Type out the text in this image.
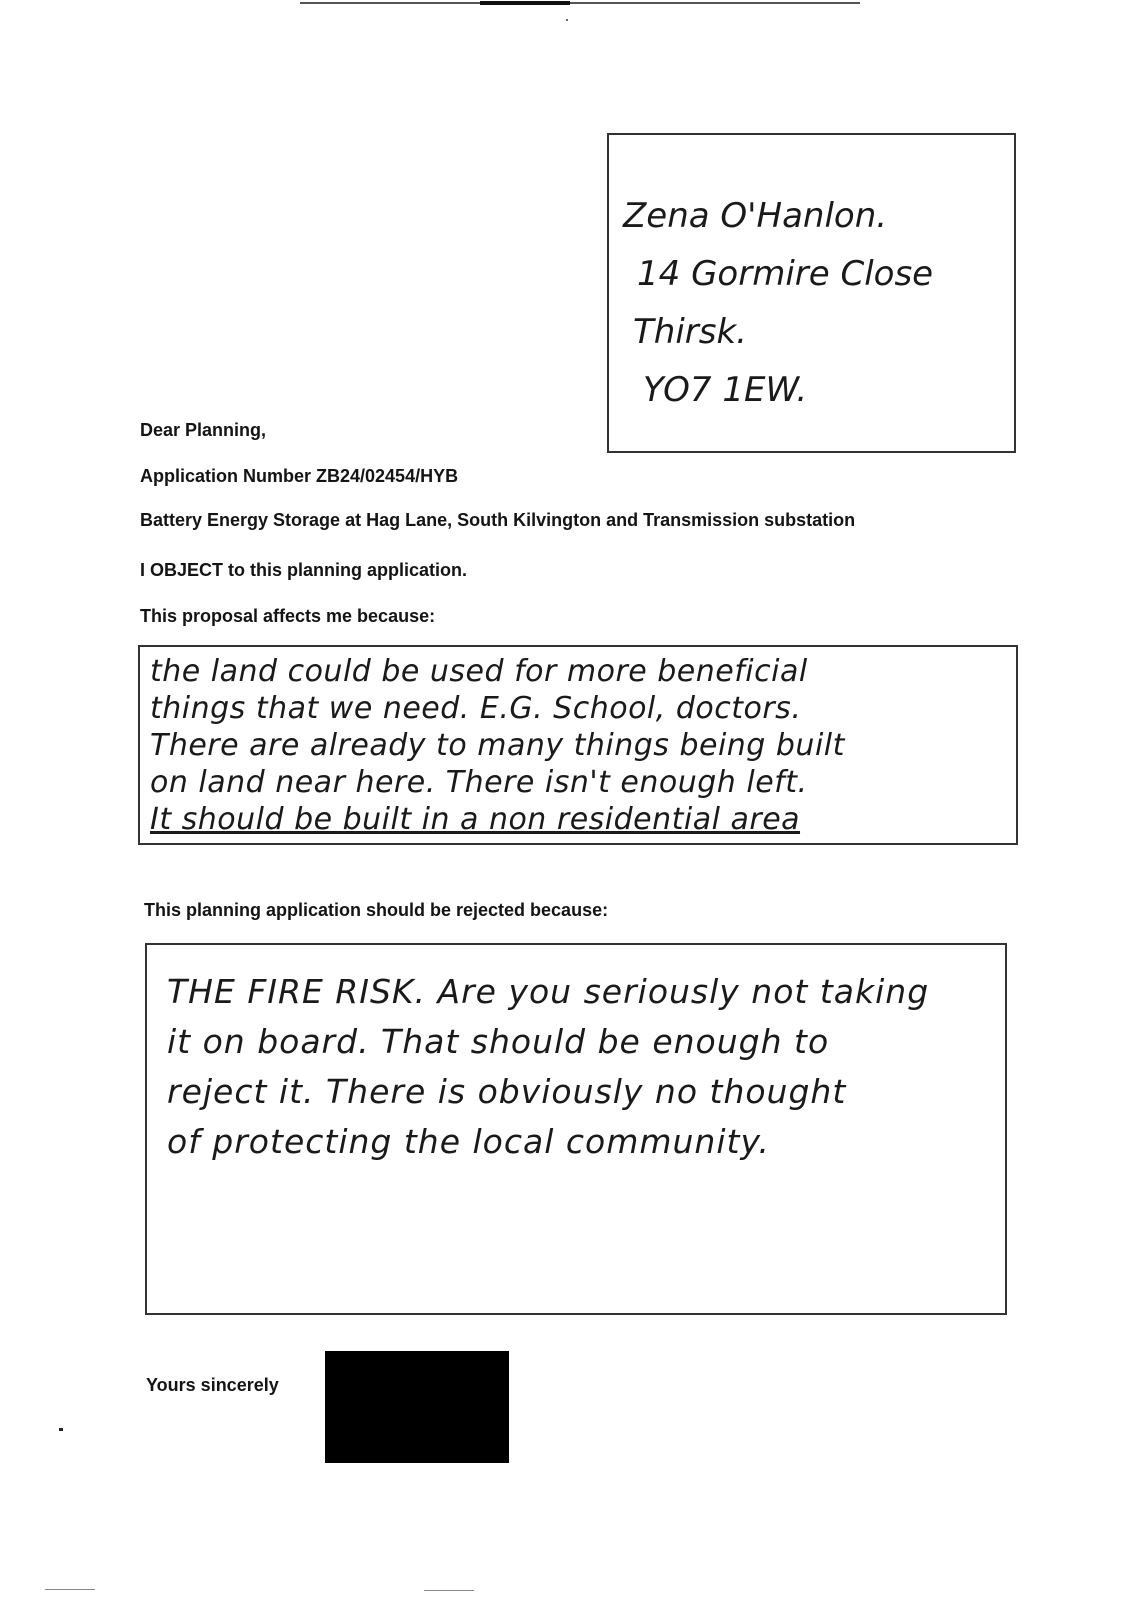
Zena O'Hanlon.
14 Gormire Close
Thirsk.
YO7 1EW.
Dear Planning,
Application Number ZB24/02454/HYB
Battery Energy Storage at Hag Lane, South Kilvington and Transmission substation
I OBJECT to this planning application.
This proposal affects me because:
the land could be used for more beneficial
things that we need. E.G. School, doctors.
There are already to many things being built
on land near here. There isn't enough left.
It should be built in a non residential area
This planning application should be rejected because:
THE FIRE RISK. Are you seriously not taking
it on board. That should be enough to
reject it. There is obviously no thought
of protecting the local community.
Yours sincerely
